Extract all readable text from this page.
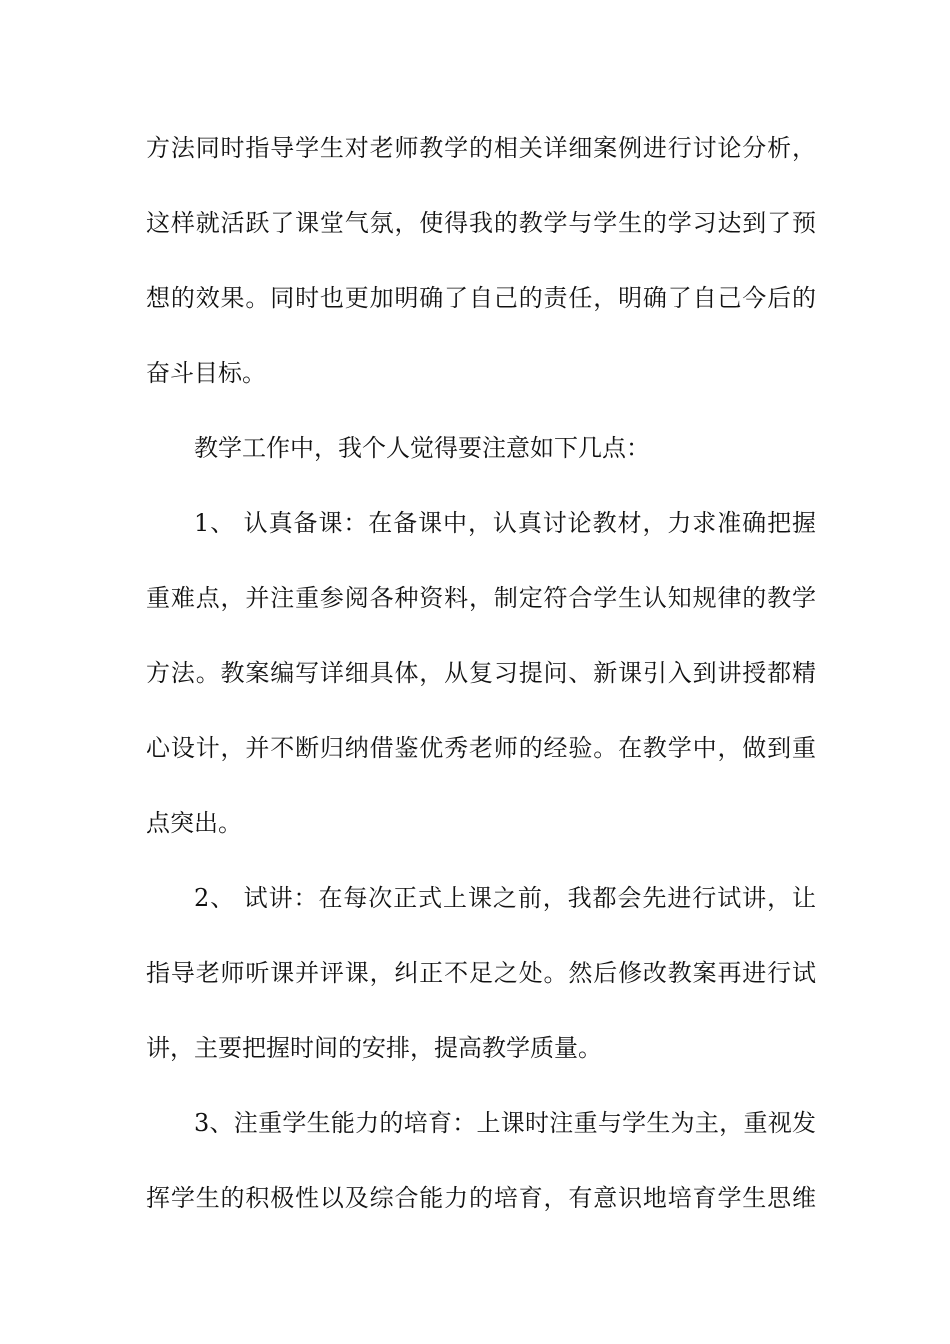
方法同时指导学生对老师教学的相关详细案例进行讨论分析，
这样就活跃了课堂气氛，使得我的教学与学生的学习达到了预
想的效果。同时也更加明确了自己的责任，明确了自己今后的
奋斗目标。
教学工作中，我个人觉得要注意如下几点：
1、 认真备课：在备课中，认真讨论教材，力求准确把握
重难点，并注重参阅各种资料，制定符合学生认知规律的教学
方法。教案编写详细具体，从复习提问、新课引入到讲授都精
心设计，并不断归纳借鉴优秀老师的经验。在教学中，做到重
点突出。
2、 试讲：在每次正式上课之前，我都会先进行试讲，让
指导老师听课并评课，纠正不足之处。然后修改教案再进行试
讲，主要把握时间的安排，提高教学质量。
3、注重学生能力的培育：上课时注重与学生为主，重视发
挥学生的积极性以及综合能力的培育，有意识地培育学生思维
